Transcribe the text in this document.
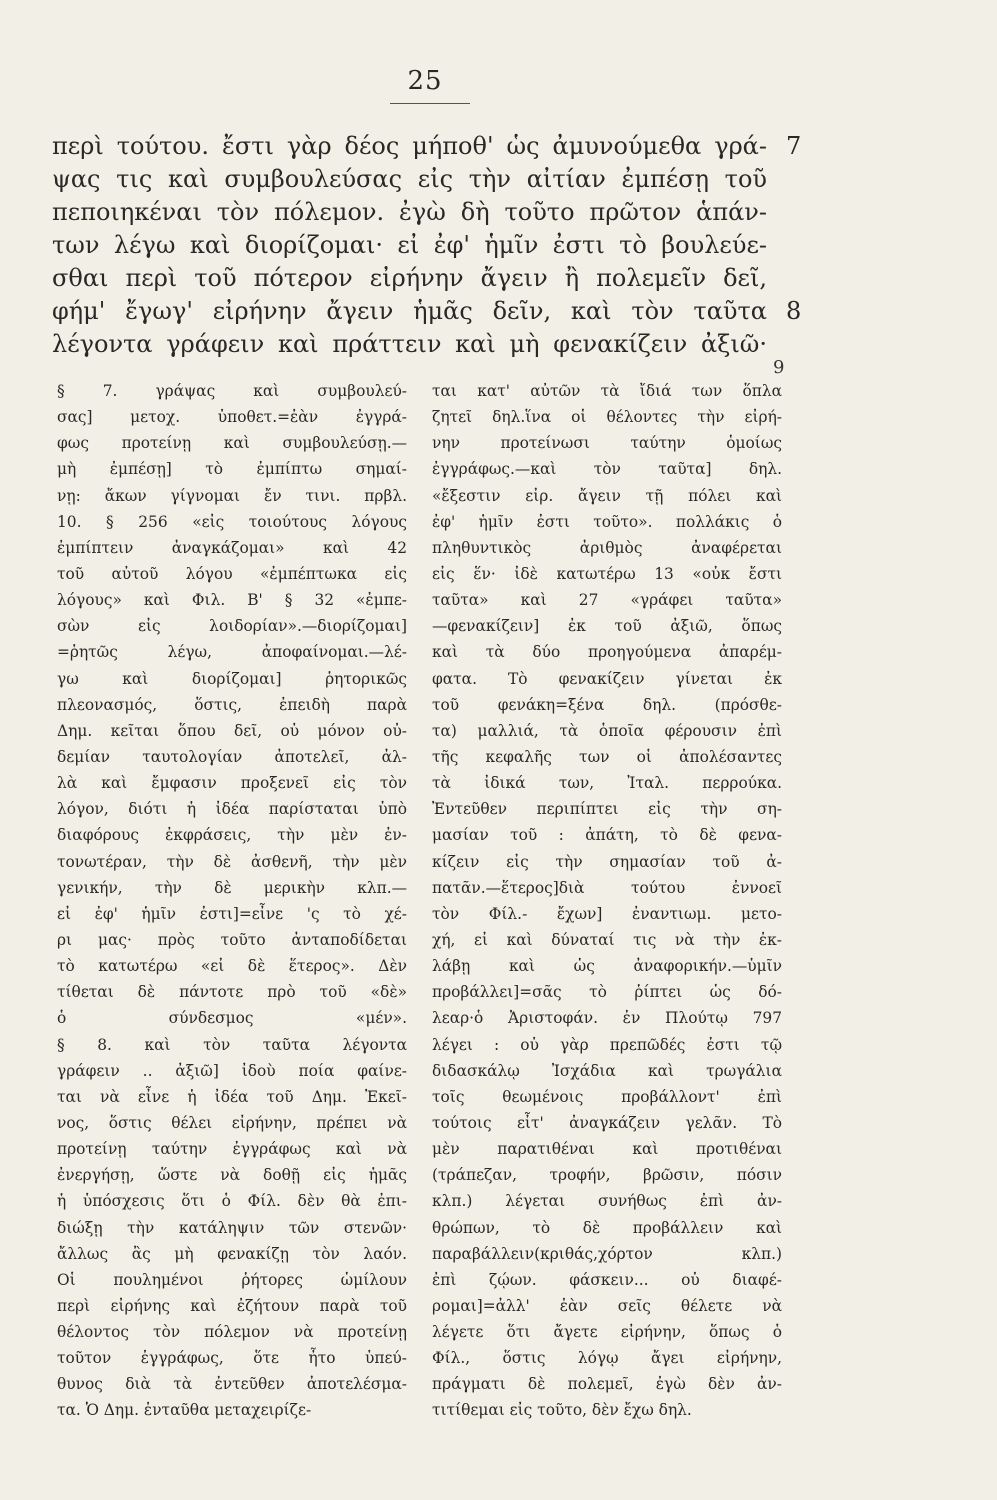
25
περὶ τούτου. ἔστι γὰρ δέος μήποθ' ὡς ἀμυνούμεθα γρά-
ψας τις καὶ συμβουλεύσας εἰς τὴν αἰτίαν ἐμπέσῃ τοῦ
πεποιηκέναι τὸν πόλεμον. ἐγὼ δὴ τοῦτο πρῶτον ἁπάν-
των λέγω καὶ διορίζομαι· εἰ ἐφ' ἡμῖν ἐστι τὸ βουλεύε-
σθαι περὶ τοῦ πότερον εἰρήνην ἄγειν ἢ πολεμεῖν δεῖ,
φήμ' ἔγωγ' εἰρήνην ἄγειν ἡμᾶς δεῖν, καὶ τὸν ταῦτα
λέγοντα γράφειν καὶ πράττειν καὶ μὴ φενακίζειν ἀξιῶ·
7
8
9
§ 7. γράψας καὶ συμβουλεύ-
σας] μετοχ. ὑποθετ.=ἐὰν ἐγγρά-
φως προτείνῃ καὶ συμβουλεύσῃ.—
μὴ ἐμπέσῃ] τὸ ἐμπίπτω σημαί-
νῃ: ἄκων γίγνομαι ἔν τινι. πρβλ.
10. § 256 «εἰς τοιούτους λόγους
ἐμπίπτειν ἀναγκάζομαι» καὶ 42
τοῦ αὐτοῦ λόγου «ἐμπέπτωκα εἰς
λόγους» καὶ Φιλ. Β' § 32 «ἐμπε-
σὼν εἰς λοιδορίαν».—διορίζομαι]
=ῥητῶς λέγω, ἀποφαίνομαι.—λέ-
γω καὶ διορίζομαι] ῥητορικῶς
πλεονασμός, ὅστις, ἐπειδὴ παρὰ
Δημ. κεῖται ὅπου δεῖ, οὐ μόνον οὐ-
δεμίαν ταυτολογίαν ἀποτελεῖ, ἀλ-
λὰ καὶ ἔμφασιν προξενεῖ εἰς τὸν
λόγον, διότι ἡ ἰδέα παρίσταται ὑπὸ
διαφόρους ἐκφράσεις, τὴν μὲν ἐν-
τονωτέραν, τὴν δὲ ἀσθενῆ, τὴν μὲν
γενικήν, τὴν δὲ μερικὴν κλπ.—
εἰ ἐφ' ἡμῖν ἐστι]=εἶνε 'ς τὸ χέ-
ρι μας· πρὸς τοῦτο ἀνταποδίδεται
τὸ κατωτέρω «εἰ δὲ ἕτερος». Δὲν
τίθεται δὲ πάντοτε πρὸ τοῦ «δὲ»
ὁ σύνδεσμος «μέν».
§ 8. καὶ τὸν ταῦτα λέγοντα
γράφειν .. ἀξιῶ] ἰδοὺ ποία φαίνε-
ται νὰ εἶνε ἡ ἰδέα τοῦ Δημ. Ἐκεῖ-
νος, ὅστις θέλει εἰρήνην, πρέπει νὰ
προτείνῃ ταύτην ἐγγράφως καὶ νὰ
ἐνεργήσῃ, ὥστε νὰ δοθῇ εἰς ἡμᾶς
ἡ ὑπόσχεσις ὅτι ὁ Φίλ. δὲν θὰ ἐπι-
διώξῃ τὴν κατάληψιν τῶν στενῶν·
ἄλλως ἂς μὴ φενακίζῃ τὸν λαόν.
Οἱ πουλημένοι ῥήτορες ὡμίλουν
περὶ εἰρήνης καὶ ἐζήτουν παρὰ τοῦ
θέλοντος τὸν πόλεμον νὰ προτείνῃ
τοῦτον ἐγγράφως, ὅτε ἦτο ὑπεύ-
θυνος διὰ τὰ ἐντεῦθεν ἀποτελέσμα-
τα. Ὁ Δημ. ἐνταῦθα μεταχειρίζε-
ται κατ' αὐτῶν τὰ ἴδιά των ὅπλα
ζητεῖ δηλ.ἵνα οἱ θέλοντες τὴν εἰρή-
νην προτείνωσι ταύτην ὁμοίως
ἐγγράφως.—καὶ τὸν ταῦτα] δηλ.
«ἔξεστιν εἰρ. ἄγειν τῇ πόλει καὶ
ἐφ' ἡμῖν ἐστι τοῦτο». πολλάκις ὁ
πληθυντικὸς ἀριθμὸς ἀναφέρεται
εἰς ἕν· ἰδὲ κατωτέρω 13 «οὐκ ἔστι
ταῦτα» καὶ 27 «γράφει ταῦτα»
—φενακίζειν] ἐκ τοῦ ἀξιῶ, ὅπως
καὶ τὰ δύο προηγούμενα ἀπαρέμ-
φατα. Τὸ φενακίζειν γίνεται ἐκ
τοῦ φενάκη=ξένα δηλ. (πρόσθε-
τα) μαλλιά, τὰ ὁποῖα φέρουσιν ἐπὶ
τῆς κεφαλῆς των οἱ ἀπολέσαντες
τὰ ἰδικά των, Ἰταλ. περρούκα.
Ἐντεῦθεν περιπίπτει εἰς τὴν ση-
μασίαν τοῦ : ἀπάτη, τὸ δὲ φενα-
κίζειν εἰς τὴν σημασίαν τοῦ ἀ-
πατᾶν.—ἕτερος]διὰ τούτου ἐννοεῖ
τὸν Φίλ.- ἔχων] ἐναντιωμ. μετο-
χή, εἰ καὶ δύναταί τις νὰ τὴν ἐκ-
λάβῃ καὶ ὡς ἀναφορικήν.—ὑμῖν
προβάλλει]=σᾶς τὸ ῥίπτει ὡς δό-
λεαρ·ὁ Ἀριστοφάν. ἐν Πλούτῳ 797
λέγει : οὐ γὰρ πρεπῶδές ἐστι τῷ
διδασκάλῳ Ἰσχάδια καὶ τρωγάλια
τοῖς θεωμένοις προβάλλοντ' ἐπὶ
τούτοις εἶτ' ἀναγκάζειν γελᾶν. Τὸ
μὲν παρατιθέναι καὶ προτιθέναι
(τράπεζαν, τροφήν, βρῶσιν, πόσιν
κλπ.) λέγεται συνήθως ἐπὶ ἀν-
θρώπων, τὸ δὲ προβάλλειν καὶ
παραβάλλειν(κριθάς,χόρτον κλπ.)
ἐπὶ ζῴων. φάσκειν... οὐ διαφέ-
ρομαι]=ἀλλ' ἐὰν σεῖς θέλετε νὰ
λέγετε ὅτι ἄγετε εἰρήνην, ὅπως ὁ
Φίλ., ὅστις λόγῳ ἄγει εἰρήνην,
πράγματι δὲ πολεμεῖ, ἐγὼ δὲν ἀν-
τιτίθεμαι εἰς τοῦτο, δὲν ἔχω δηλ.
